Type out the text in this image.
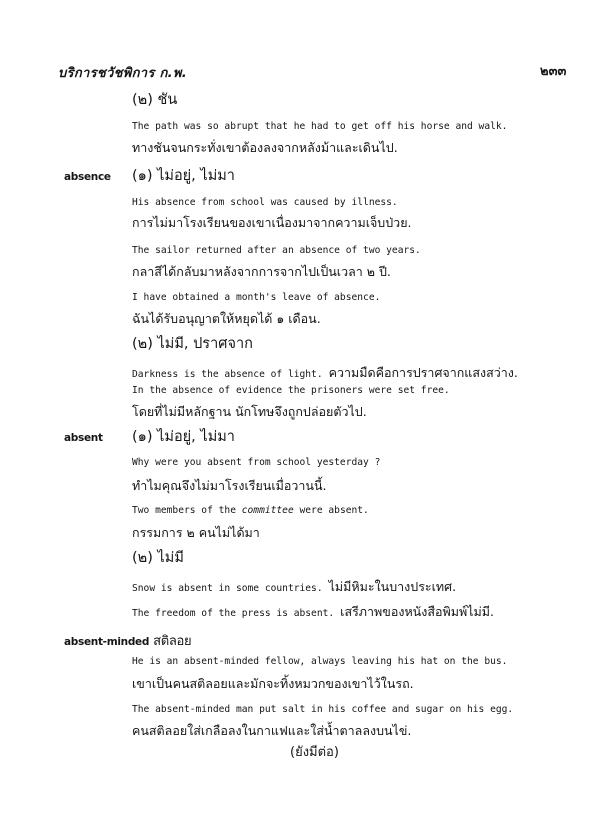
บริการชวัชพิการ ก.พ.	๒๓๓
(๒) ชัน
The path was so abrupt that he had to get off his horse and walk.
ทางชันจนกระทั่งเขาต้องลงจากหลังม้าและเดินไป.
absence (๑) ไม่อยู่, ไม่มา
His absence from school was caused by illness.
การไม่มาโรงเรียนของเขาเนื่องมาจากความเจ็บป่วย.
The sailor returned after an absence of two years.
กลาสีได้กลับมาหลังจากการจากไปเป็นเวลา ๒ ปี.
I have obtained a month's leave of absence.
ฉันได้รับอนุญาตให้หยุดได้ ๑ เดือน.
(๒) ไม่มี, ปราศจาก
Darkness is the absence of light. ความมืดคือการปราศจากแสงสว่าง.
In the absence of evidence the prisoners were set free.
โดยที่ไม่มีหลักฐาน นักโทษจึงถูกปล่อยตัวไป.
absent (๑) ไม่อยู่, ไม่มา
Why were you absent from school yesterday ?
ทำไมคุณจึงไม่มาโรงเรียนเมื่อวานนี้.
Two members of the committee were absent.
กรรมการ ๒ คนไม่ได้มา
(๒) ไม่มี
Snow is absent in some countries. ไม่มีหิมะในบางประเทศ.
The freedom of the press is absent. เสรีภาพของหนังสือพิมพ์ไม่มี.
absent-minded สติลอย
He is an absent-minded fellow, always leaving his hat on the bus.
เขาเป็นคนสติลอยและมักจะทิ้งหมวกของเขาไว้ในรถ.
The absent-minded man put salt in his coffee and sugar on his egg.
คนสติลอยใส่เกลือลงในกาแฟและใส่น้ำตาลลงบนไข่.
(ยังมีต่อ)
